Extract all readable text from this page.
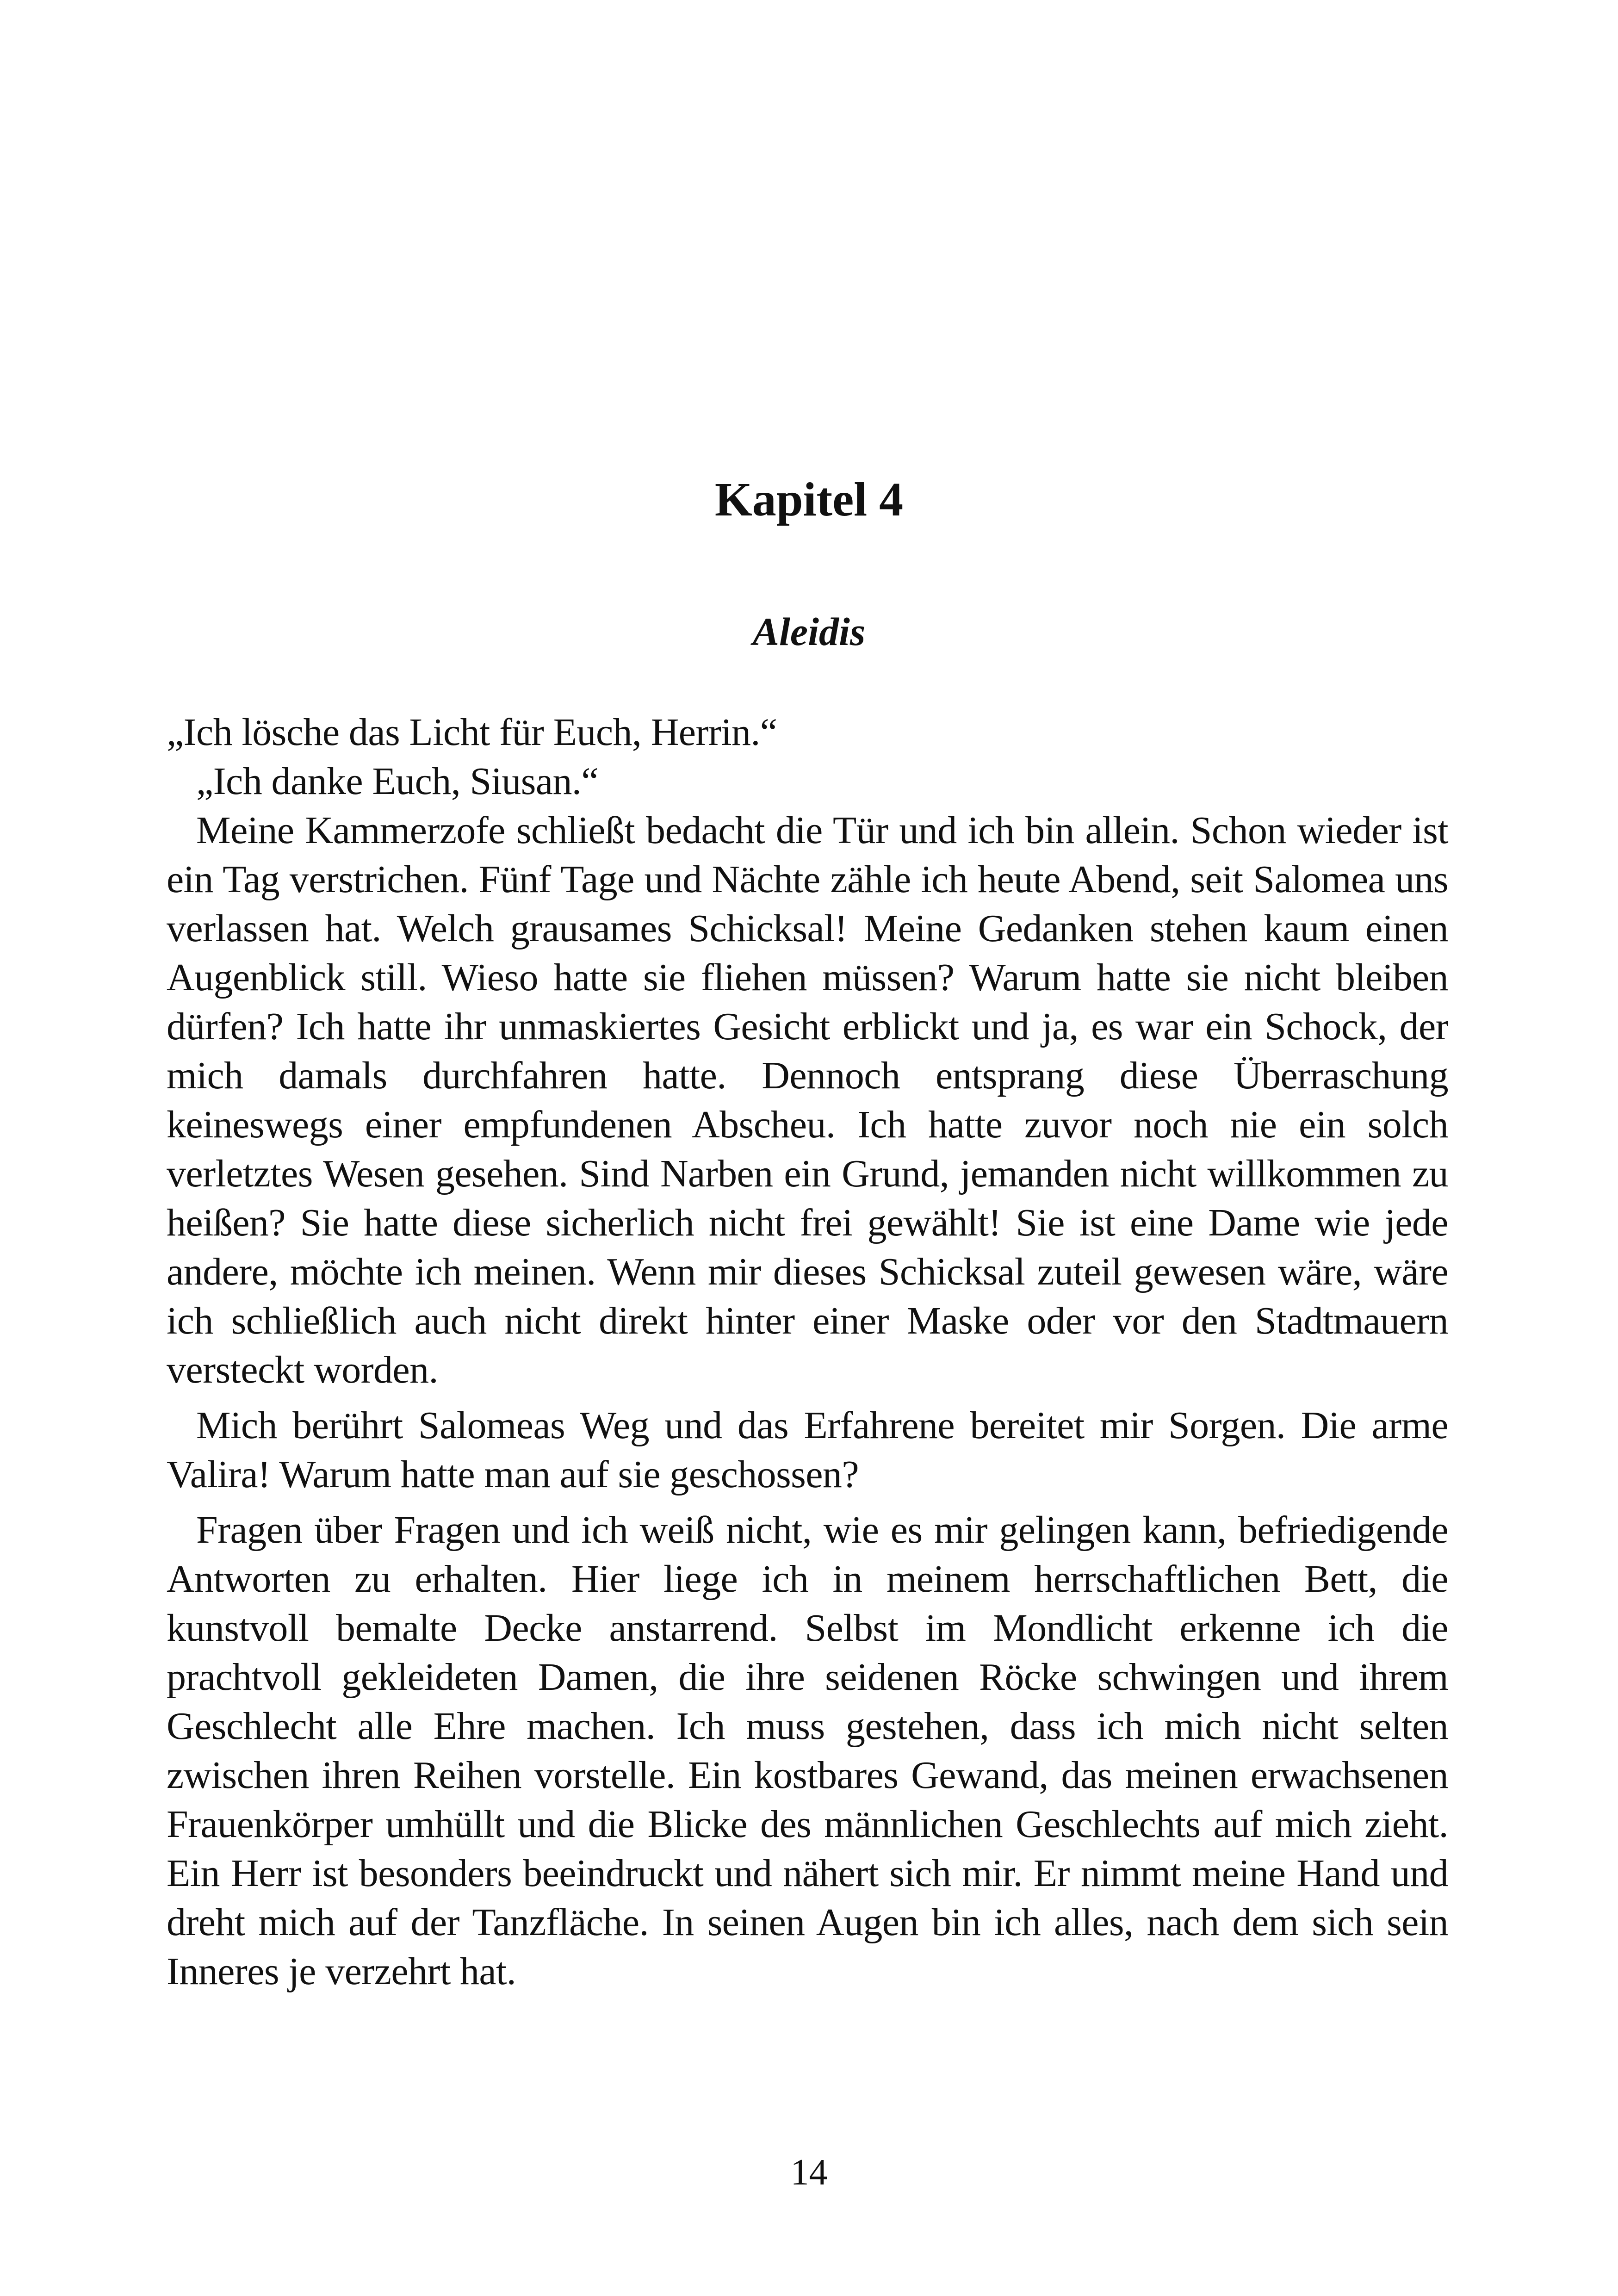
Kapitel 4
Aleidis

„Ich lösche das Licht für Euch, Herrin.“

„Ich danke Euch, Siusan.“

Meine Kammerzofe schließt bedacht die Tür und ich bin allein. Schon wieder ist ein Tag verstrichen. Fünf Tage und Nächte zähle ich heute Abend, seit Salomea uns verlassen hat. Welch grausames Schicksal! Meine Gedanken stehen kaum einen Augenblick still. Wieso hatte sie fliehen müssen? Warum hatte sie nicht bleiben dürfen? Ich hatte ihr unmaskiertes Gesicht erblickt und ja, es war ein Schock, der mich damals durchfahren hatte. Dennoch entsprang diese Überraschung keineswegs einer empfundenen Abscheu. Ich hatte zuvor noch nie ein solch verletztes Wesen gesehen. Sind Narben ein Grund, jemanden nicht willkommen zu heißen? Sie hatte diese sicherlich nicht frei gewählt! Sie ist eine Dame wie jede andere, möchte ich meinen. Wenn mir dieses Schicksal zuteil gewesen wäre, wäre ich schließlich auch nicht direkt hinter einer Maske oder vor den Stadtmauern versteckt worden.

Mich berührt Salomeas Weg und das Erfahrene bereitet mir Sorgen. Die arme Valira! Warum hatte man auf sie geschossen?

Fragen über Fragen und ich weiß nicht, wie es mir gelingen kann, befriedigende Antworten zu erhalten. Hier liege ich in meinem herrschaftlichen Bett, die kunstvoll bemalte Decke anstarrend. Selbst im Mondlicht erkenne ich die prachtvoll gekleideten Damen, die ihre seidenen Röcke schwingen und ihrem Geschlecht alle Ehre machen. Ich muss gestehen, dass ich mich nicht selten zwischen ihren Reihen vorstelle. Ein kostbares Gewand, das meinen erwachsenen Frauenkörper umhüllt und die Blicke des männlichen Geschlechts auf mich zieht. Ein Herr ist besonders beeindruckt und nähert sich mir. Er nimmt meine Hand und dreht mich auf der Tanzfläche. In seinen Augen bin ich alles, nach dem sich sein Inneres je verzehrt hat.

14
